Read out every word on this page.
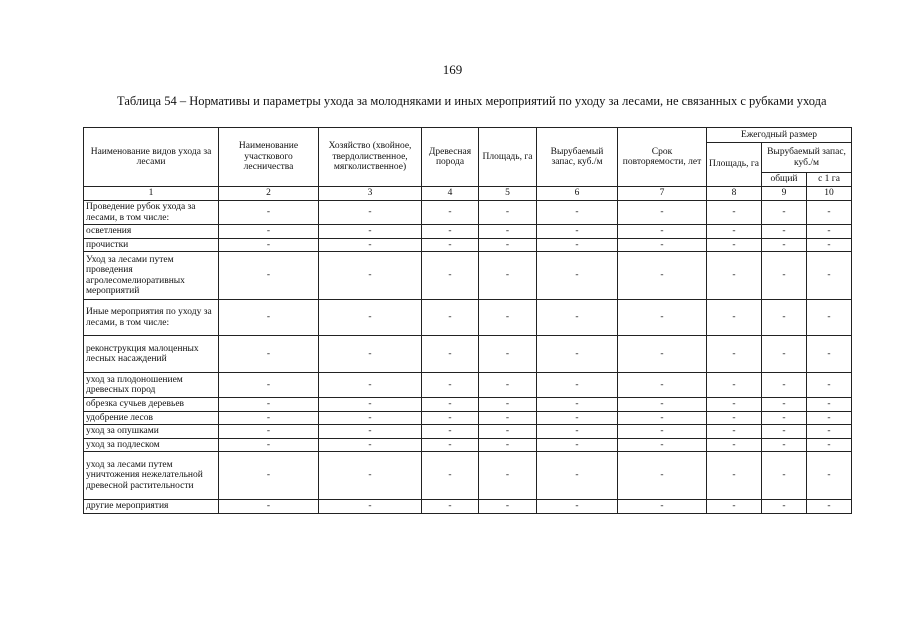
169
Таблица 54 – Нормативы и параметры ухода за молодняками и иных мероприятий по уходу за лесами, не связанных с рубками ухода
Наименование видов ухода за лесами	Наименование участкового лесничества	Хозяйство (хвойное, твердолиственное, мягколиственное)	Древесная порода	Площадь, га	Вырубаемый запас, куб./м	Срок повторяемости, лет	Ежегодный размер		
							Площадь, га	Вырубаемый запас, куб./м	
								общий	с 1 га
1	2	3	4	5	6	7	8	9	10
Проведение рубок ухода за лесами, в том числе:	-	-	-	-	-	-	-	-	-
осветления	-	-	-	-	-	-	-	-	-
прочистки	-	-	-	-	-	-	-	-	-
Уход за лесами путем проведения агролесомелиоративных мероприятий	-	-	-	-	-	-	-	-	-
Иные мероприятия по уходу за лесами, в том числе:	-	-	-	-	-	-	-	-	-
реконструкция малоценных лесных насаждений	-	-	-	-	-	-	-	-	-
уход за плодоношением древесных пород	-	-	-	-	-	-	-	-	-
обрезка сучьев деревьев	-	-	-	-	-	-	-	-	-
удобрение лесов	-	-	-	-	-	-	-	-	-
уход за опушками	-	-	-	-	-	-	-	-	-
уход за подлеском	-	-	-	-	-	-	-	-	-
уход за лесами путем уничтожения нежелательной древесной растительности	-	-	-	-	-	-	-	-	-
другие мероприятия	-	-	-	-	-	-	-	-	-
